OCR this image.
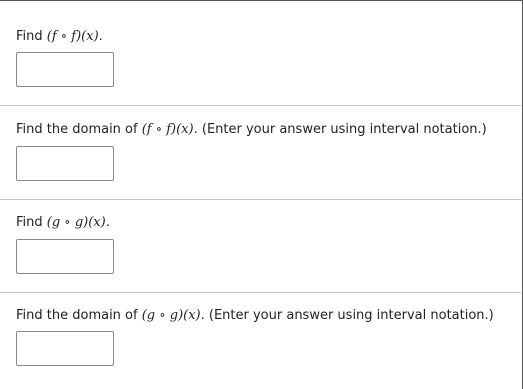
Find (f ∘ f)(x).
Find the domain of (f ∘ f)(x). (Enter your answer using interval notation.)
Find (g ∘ g)(x).
Find the domain of (g ∘ g)(x). (Enter your answer using interval notation.)
